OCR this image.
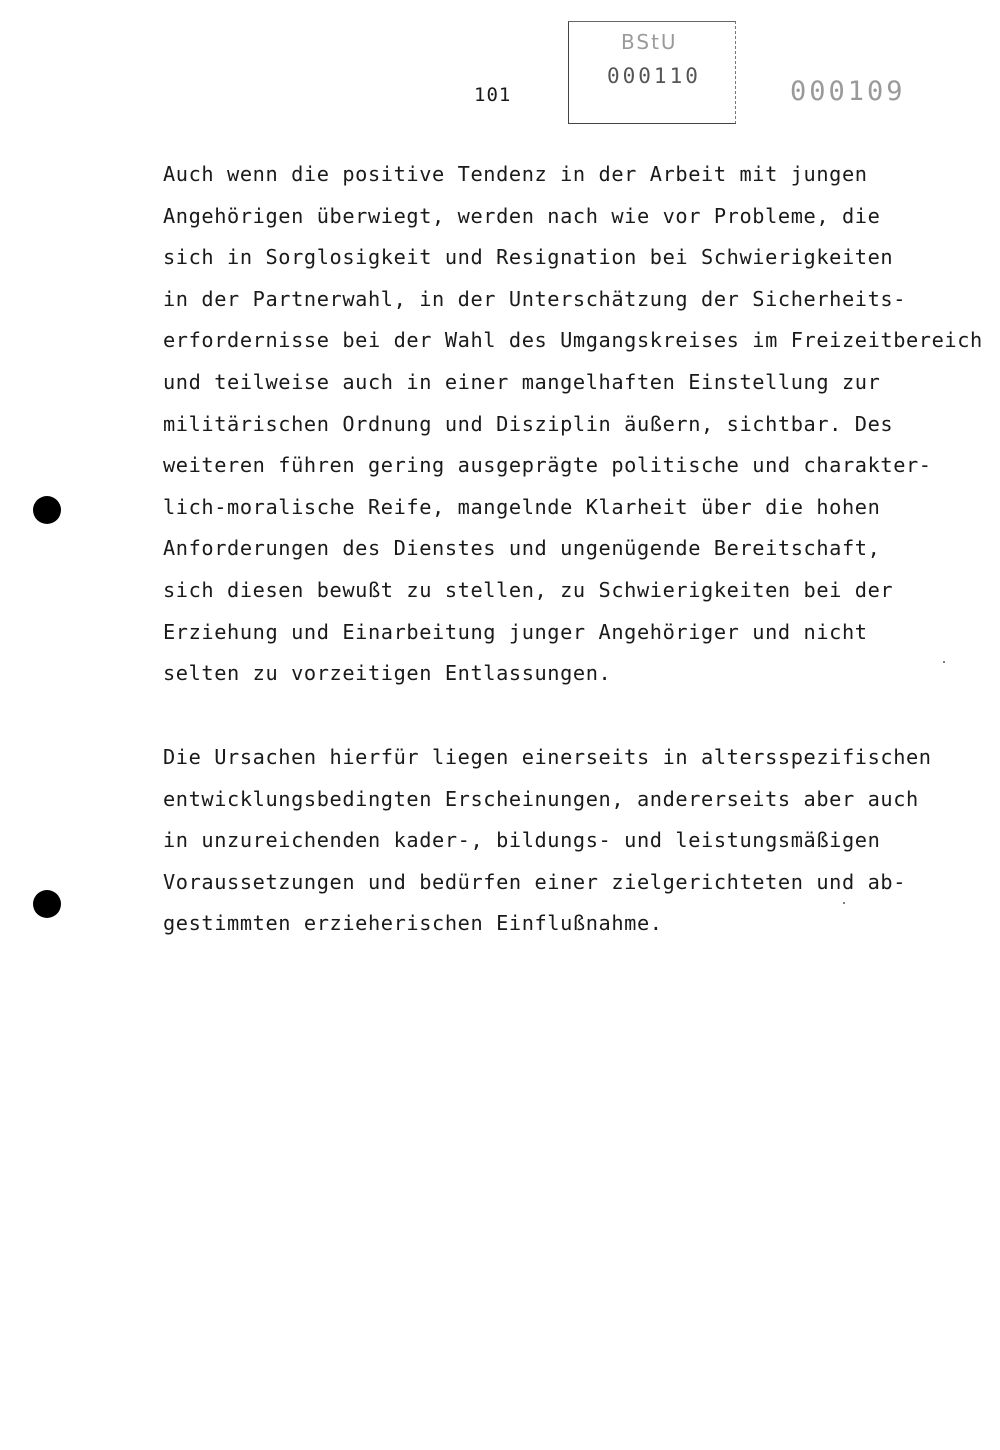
101
BStU
000110	000109
Auch wenn die positive Tendenz in der Arbeit mit jungen
Angehörigen überwiegt, werden nach wie vor Probleme, die
sich in Sorglosigkeit und Resignation bei Schwierigkeiten
in der Partnerwahl, in der Unterschätzung der Sicherheits-
erfordernisse bei der Wahl des Umgangskreises im Freizeitbereich
und teilweise auch in einer mangelhaften Einstellung zur
militärischen Ordnung und Disziplin äußern, sichtbar. Des
weiteren führen gering ausgeprägte politische und charakter-
lich-moralische Reife, mangelnde Klarheit über die hohen
Anforderungen des Dienstes und ungenügende Bereitschaft,
sich diesen bewußt zu stellen, zu Schwierigkeiten bei der
Erziehung und Einarbeitung junger Angehöriger und nicht
selten zu vorzeitigen Entlassungen.
Die Ursachen hierfür liegen einerseits in altersspezifischen
entwicklungsbedingten Erscheinungen, andererseits aber auch
in unzureichenden kader-, bildungs- und leistungsmäßigen
Voraussetzungen und bedürfen einer zielgerichteten und ab-
gestimmten erzieherischen Einflußnahme.
